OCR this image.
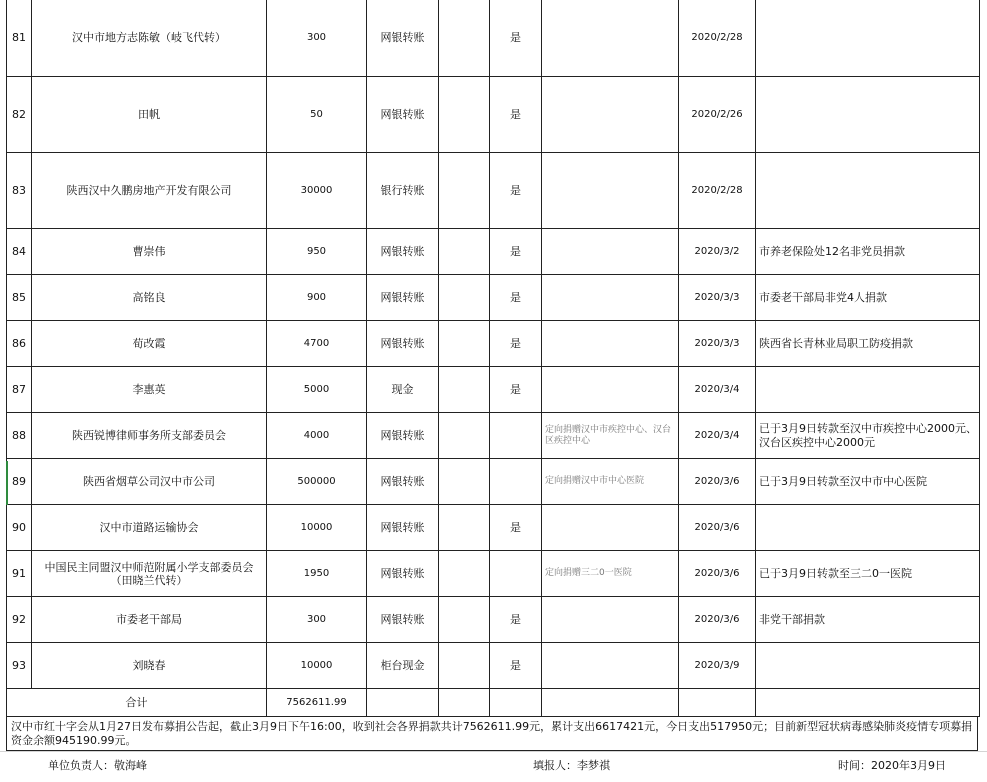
81	汉中市地方志陈敏（岐飞代转）	300	网银转账		是		2020/2/28	
82	田帆	50	网银转账		是		2020/2/26	
83	陕西汉中久鹏房地产开发有限公司	30000	银行转账		是		2020/2/28	
84	曹崇伟	950	网银转账		是		2020/3/2	市养老保险处12名非党员捐款
85	高铭良	900	网银转账		是		2020/3/3	市委老干部局非党4人捐款
86	荀改霞	4700	网银转账		是		2020/3/3	陕西省长青林业局职工防疫捐款
87	李惠英	5000	现金		是		2020/3/4	
88	陕西锐博律师事务所支部委员会	4000	网银转账			定向捐赠汉中市疾控中心、汉台区疾控中心	2020/3/4	已于3月9日转款至汉中市疾控中心2000元、汉台区疾控中心2000元
89	陕西省烟草公司汉中市公司	500000	网银转账			定向捐赠汉中市中心医院	2020/3/6	已于3月9日转款至汉中市中心医院
90	汉中市道路运输协会	10000	网银转账		是		2020/3/6	
91	中国民主同盟汉中师范附属小学支部委员会（田晓兰代转）	1950	网银转账			定向捐赠三二0一医院	2020/3/6	已于3月9日转款至三二0一医院
92	市委老干部局	300	网银转账		是		2020/3/6	非党干部捐款
93	刘晓春	10000	柜台现金		是		2020/3/9	
合计		7562611.99						
汉中市红十字会从1月27日发布募捐公告起，截止3月9日下午16:00，收到社会各界捐款共计7562611.99元，累计支出6617421元，今日支出517950元；目前新型冠状病毒感染肺炎疫情专项募捐资金余额945190.99元。
单位负责人：敬海峰	填报人：李梦祺	时间：2020年3月9日
